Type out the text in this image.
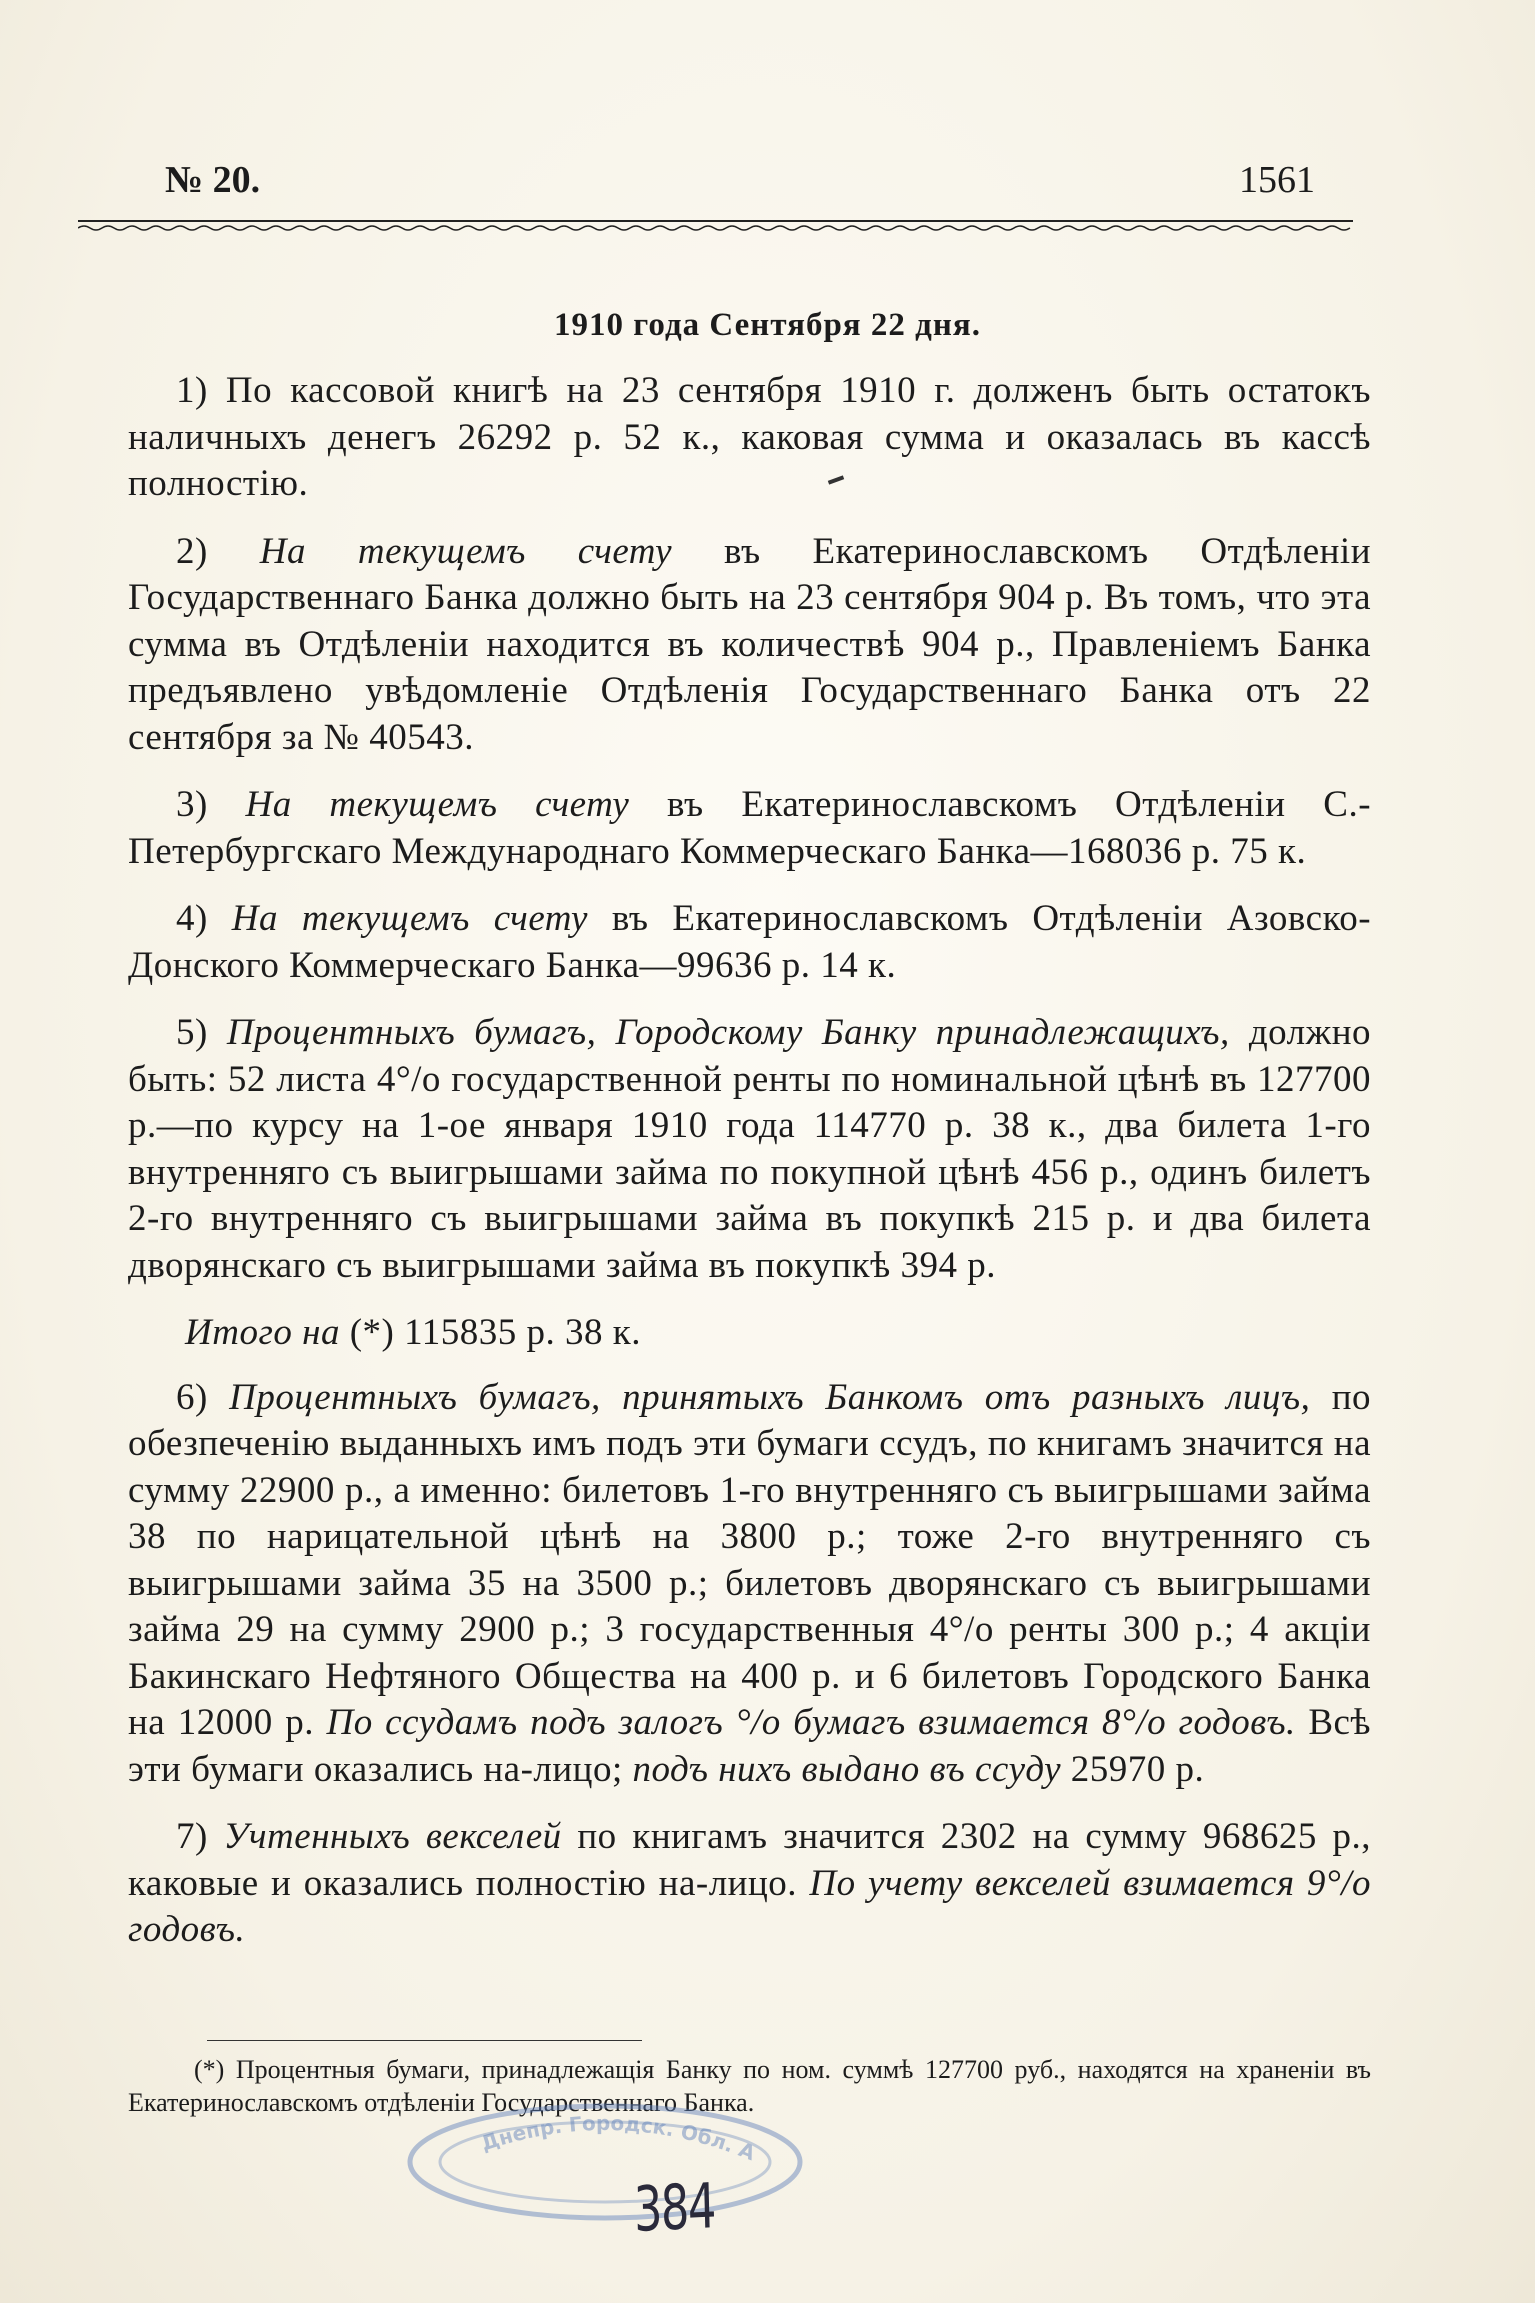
№ 20.	1561
1910 года Сентября 22 дня.

1) По кассовой книгѣ на 23 сентября 1910 г. долженъ быть остатокъ наличныхъ денегъ 26292 р. 52 к., каковая сумма и оказалась въ кассѣ полностію.

2) На текущемъ счету въ Екатеринославскомъ Отдѣленіи Государственнаго Банка должно быть на 23 сентября 904 р. Въ томъ, что эта сумма въ Отдѣленіи находится въ количествѣ 904 р., Правленіемъ Банка предъявлено увѣдомленіе Отдѣленія Государственнаго Банка отъ 22 сентября за № 40543.

3) На текущемъ счету въ Екатеринославскомъ Отдѣленіи С.-Петербургскаго Международнаго Коммерческаго Банка—168036 р. 75 к.

4) На текущемъ счету въ Екатеринославскомъ Отдѣленіи Азовско-Донского Коммерческаго Банка—99636 р. 14 к.

5) Процентныхъ бумагъ, Городскому Банку принадлежащихъ, должно быть: 52 листа 4°/о государственной ренты по номинальной цѣнѣ въ 127700 р.—по курсу на 1-ое января 1910 года 114770 р. 38 к., два билета 1-го внутренняго съ выигрышами займа по покупной цѣнѣ 456 р., одинъ билетъ 2-го внутренняго съ выигрышами займа въ покупкѣ 215 р. и два билета дворянскаго съ выигрышами займа въ покупкѣ 394 р.

Итого на (*) 115835 р. 38 к.

6) Процентныхъ бумагъ, принятыхъ Банкомъ отъ разныхъ лицъ, по обезпеченію выданныхъ имъ подъ эти бумаги ссудъ, по книгамъ значится на сумму 22900 р., а именно: билетовъ 1-го внутренняго съ выигрышами займа 38 по нарицательной цѣнѣ на 3800 р.; тоже 2-го внутренняго съ выигрышами займа 35 на 3500 р.; билетовъ дворянскаго съ выигрышами займа 29 на сумму 2900 р.; 3 государственныя 4°/о ренты 300 р.; 4 акціи Бакинскаго Нефтяного Общества на 400 р. и 6 билетовъ Городского Банка на 12000 р. По ссудамъ подъ залогъ °/о бумагъ взимается 8°/о годовъ. Всѣ эти бумаги оказались на-лицо; подъ нихъ выдано въ ссуду 25970 р.

7) Учтенныхъ векселей по книгамъ значится 2302 на сумму 968625 р., каковые и оказались полностію на-лицо. По учету векселей взимается 9°/о годовъ.

(*) Процентныя бумаги, принадлежащія Банку по ном. суммѣ 127700 руб., находятся на храненіи въ Екатеринославскомъ отдѣленіи Государственнаго Банка.

Днепр. Городск. Обл. А
384
